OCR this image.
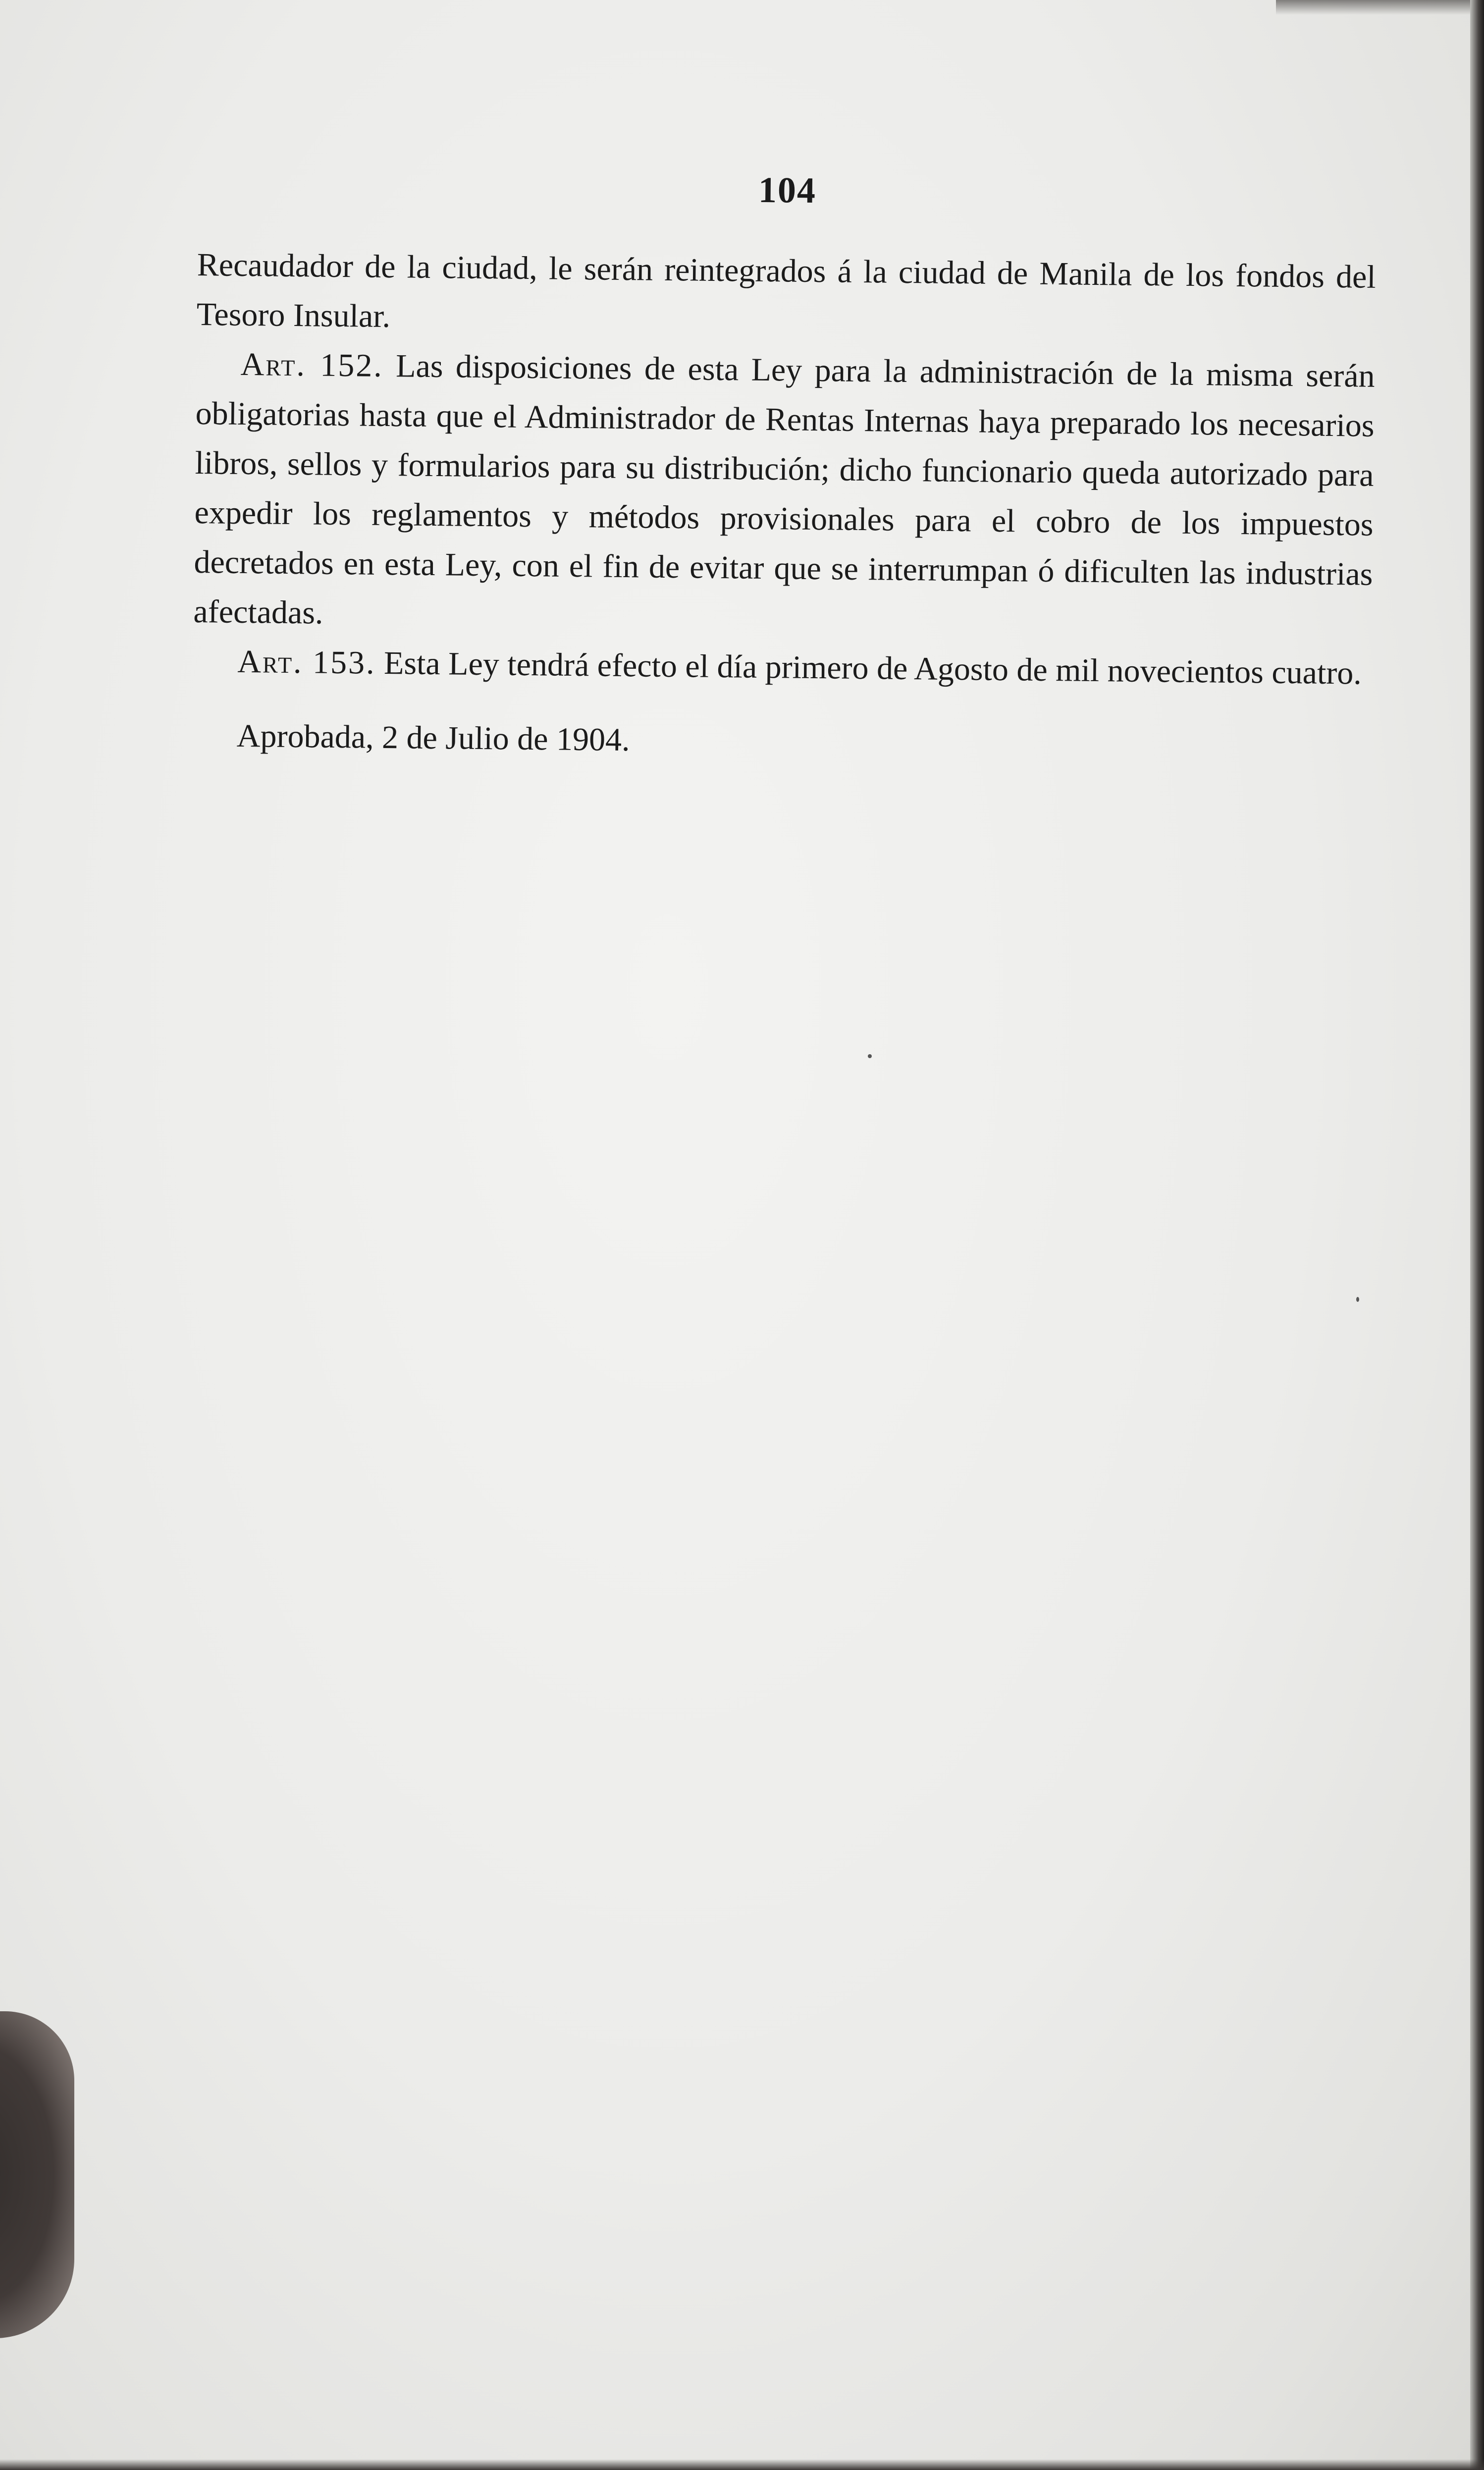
104

Recaudador de la ciudad, le serán reintegrados á la ciudad de Manila de los fondos del Tesoro Insular.

Art. 152. Las disposiciones de esta Ley para la administración de la misma serán obligatorias hasta que el Administrador de Rentas Internas haya preparado los necesarios libros, sellos y formularios para su distribución; dicho funcionario queda autorizado para expedir los reglamentos y métodos provisionales para el cobro de los impuestos decretados en esta Ley, con el fin de evitar que se interrumpan ó dificulten las industrias afectadas.

Art. 153. Esta Ley tendrá efecto el día primero de Agosto de mil novecientos cuatro.

Aprobada, 2 de Julio de 1904.
